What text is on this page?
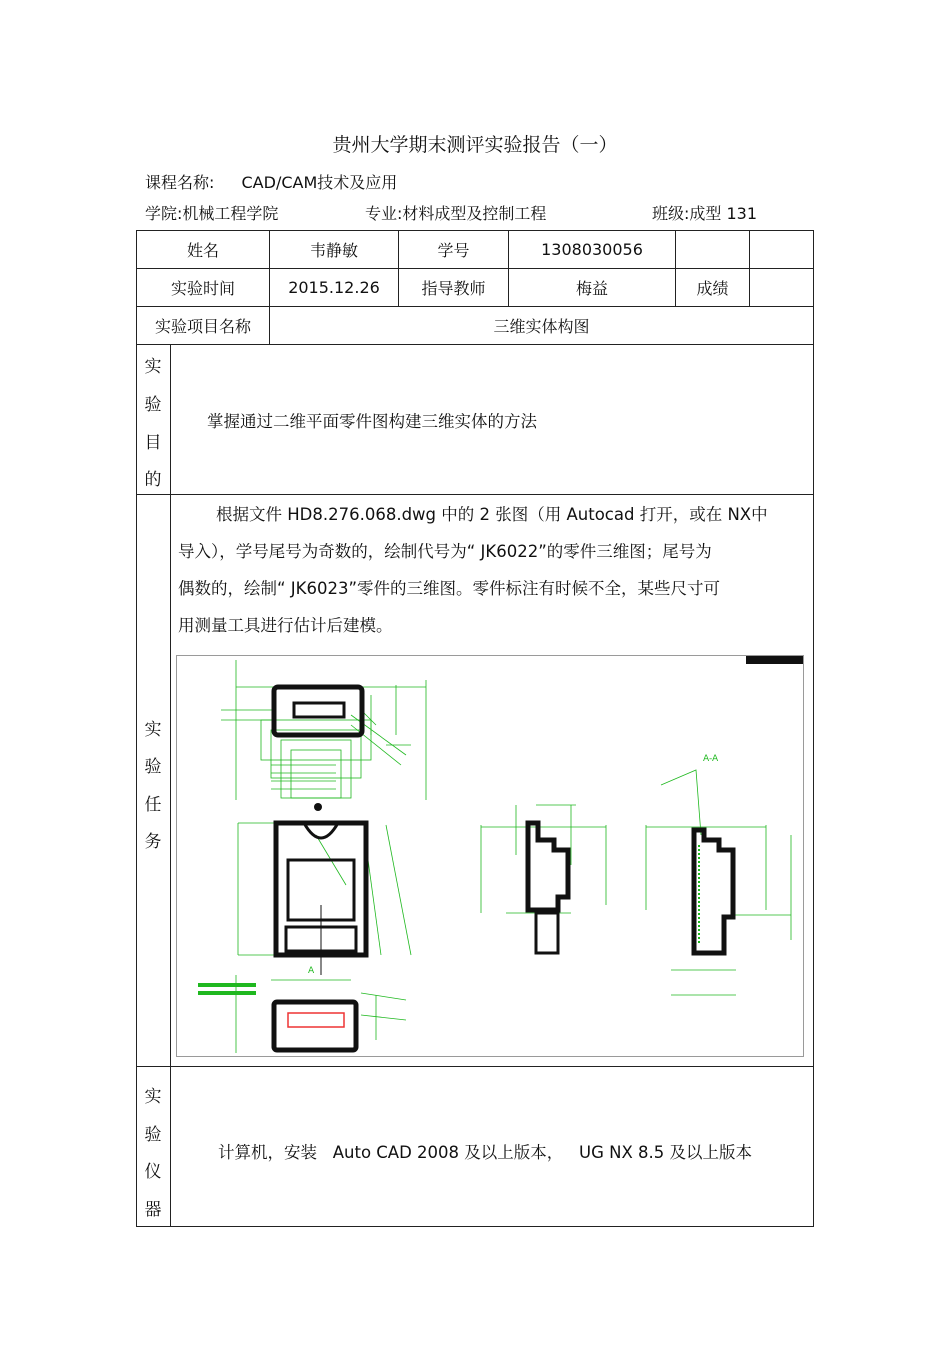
贵州大学期末测评实验报告（一）
课程名称: CAD/CAM技术及应用
学院:机械工程学院	专业:材料成型及控制工程	班级:成型 131
姓名	韦静敏	学号	1308030056
实验时间	2015.12.26	指导教师	梅益	成绩
实验项目名称	三维实体构图
实
验
目
的
掌握通过二维平面零件图构建三维实体的方法
实
验
任
务

根据文件 HD8.276.068.dwg 中的 2 张图（用 Autocad 打开，或在 NX中

导入），学号尾号为奇数的，绘制代号为“ JK6022”的零件三维图；尾号为

偶数的，绘制“ JK6023”零件的三维图。零件标注有时候不全，某些尺寸可

用测量工具进行估计后建模。

A
A-A
实
验
仪
器
计算机，安装   Auto CAD 2008 及以上版本，   UG NX 8.5 及以上版本
